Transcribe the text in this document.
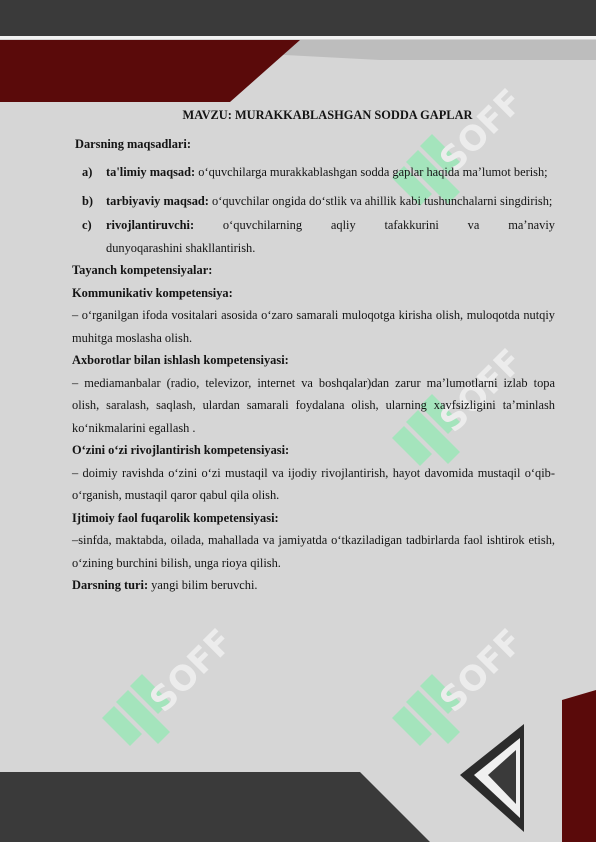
SOFF
SOFF
SOFF
SOFF
MAVZU: MURAKKABLASHGAN SODDA GAPLAR
Darsning maqsadlari:
a)	ta'limiy maqsad: o‘quvchilarga murakkablashgan sodda gaplar haqida ma’lumot berish;
b)	tarbiyaviy maqsad: o‘quvchilar ongida do‘stlik va ahillik kabi tushunchalarni singdirish;
c)	rivojlantiruvchi: o‘quvchilarning aqliy tafakkurini va ma’naviy
dunyoqarashini shakllantirish.
Tayanch kompetensiyalar:
Kommunikativ kompetensiya:
– o‘rganilgan ifoda vositalari asosida o‘zaro samarali muloqotga kirisha olish, muloqotda nutqiy muhitga moslasha olish.
Axborotlar bilan ishlash kompetensiyasi:
– mediamanbalar (radio, televizor, internet va boshqalar)dan zarur ma’lumotlarni izlab topa olish, saralash, saqlash, ulardan samarali foydalana olish, ularning xavfsizligini ta’minlash ko‘nikmalarini egallash .
O‘zini o‘zi rivojlantirish kompetensiyasi:
– doimiy ravishda o‘zini o‘zi mustaqil va ijodiy rivojlantirish, hayot davomida mustaqil o‘qib-o‘rganish, mustaqil qaror qabul qila olish.
Ijtimoiy faol fuqarolik kompetensiyasi:
–sinfda, maktabda, oilada, mahallada va jamiyatda o‘tkaziladigan tadbirlarda faol ishtirok etish, o‘zining burchini bilish, unga rioya qilish.
Darsning turi: yangi bilim beruvchi.
